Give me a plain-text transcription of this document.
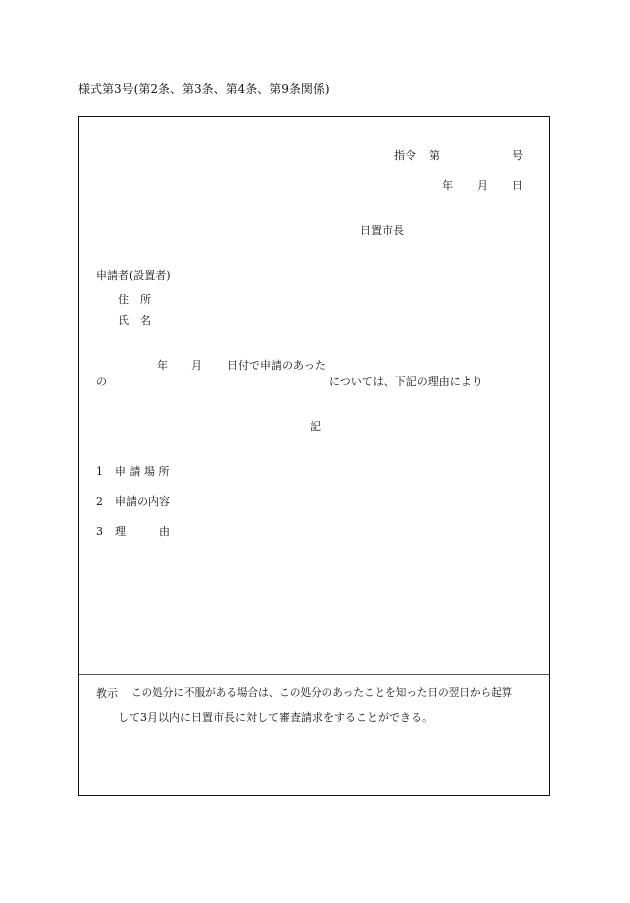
様式第3号(第2条、第3条、第4条、第9条関係)
指令 第	号
年 月 日
日置市長
申請者(設置者)
住　所
氏　名
年 月 日付で申請のあった
の	については、下記の理由により
記
1 申 請 場 所
2 申請の内容
3 理　　　由
教示 この処分に不服がある場合は、この処分のあったことを知った日の翌日から起算
して3月以内に日置市長に対して審査請求をすることができる。
